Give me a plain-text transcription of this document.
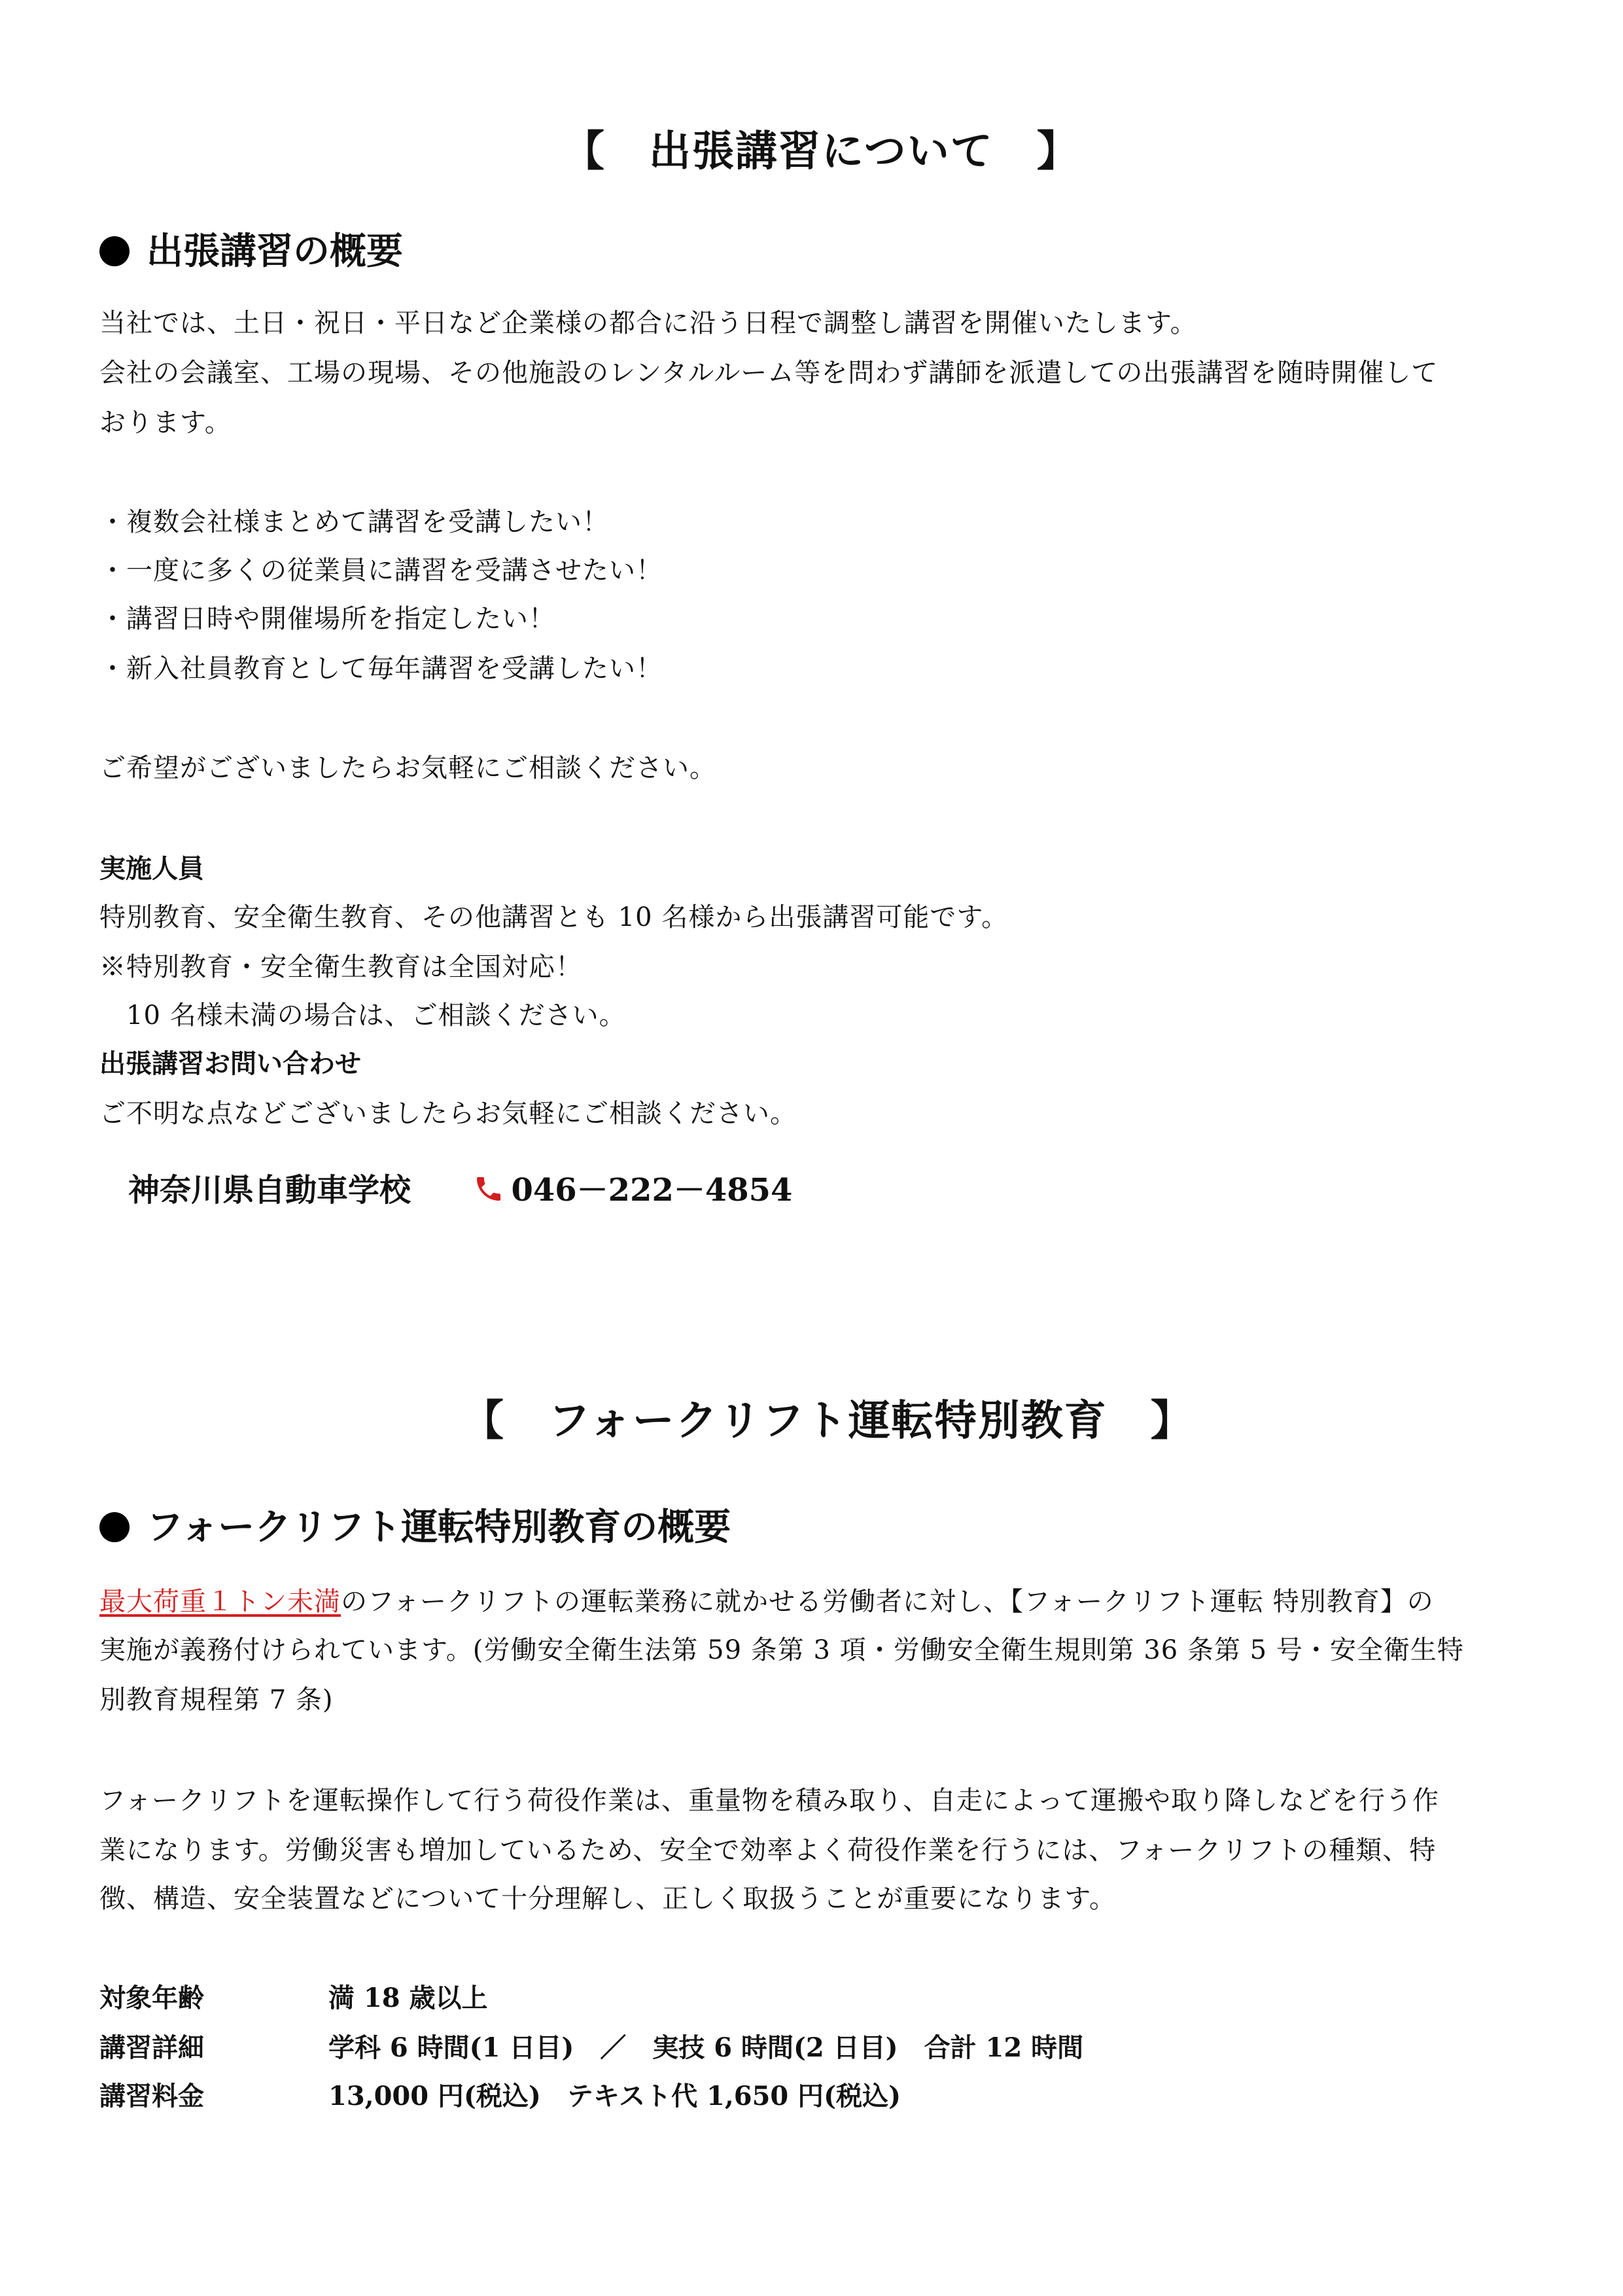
【　出張講習について　】
出張講習の概要
当社では、土日・祝日・平日など企業様の都合に沿う日程で調整し講習を開催いたします。
会社の会議室、工場の現場、その他施設のレンタルルーム等を問わず講師を派遣しての出張講習を随時開催して
おります。
・複数会社様まとめて講習を受講したい！
・一度に多くの従業員に講習を受講させたい！
・講習日時や開催場所を指定したい！
・新入社員教育として毎年講習を受講したい！
ご希望がございましたらお気軽にご相談ください。
実施人員
特別教育、安全衛生教育、その他講習とも 10 名様から出張講習可能です。
※特別教育・安全衛生教育は全国対応！
　10 名様未満の場合は、ご相談ください。
出張講習お問い合わせ
ご不明な点などございましたらお気軽にご相談ください。
神奈川県自動車学校	046－222－4854
【　フォークリフト運転特別教育　】
フォークリフト運転特別教育の概要
最大荷重１トン未満のフォークリフトの運転業務に就かせる労働者に対し、【フォークリフト運転 特別教育】の
実施が義務付けられています。(労働安全衛生法第 59 条第 3 項・労働安全衛生規則第 36 条第 5 号・安全衛生特
別教育規程第 7 条)
フォークリフトを運転操作して行う荷役作業は、重量物を積み取り、自走によって運搬や取り降しなどを行う作
業になります。労働災害も増加しているため、安全で効率よく荷役作業を行うには、フォークリフトの種類、特
徴、構造、安全装置などについて十分理解し、正しく取扱うことが重要になります。
対象年齢	満 18 歳以上
講習詳細	学科 6 時間(1 日目)　／　実技 6 時間(2 日目)　合計 12 時間
講習料金	13,000 円(税込)　テキスト代 1,650 円(税込)
